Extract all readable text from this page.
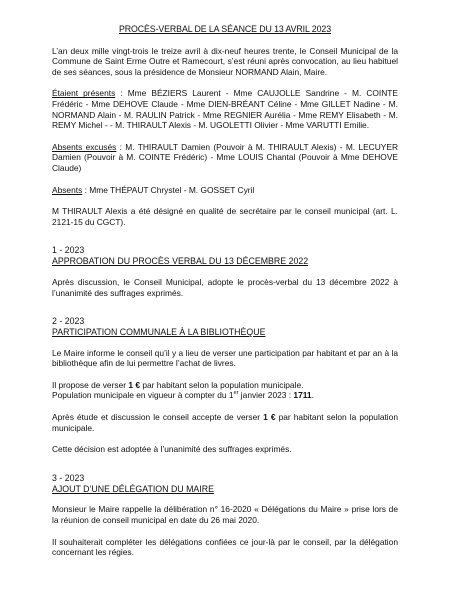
PROCÈS-VERBAL DE LA SÉANCE DU 13 AVRIL 2023

L’an deux mille vingt-trois le treize avril à dix-neuf heures trente, le Conseil Municipal de la Commune de Saint Erme Outre et Ramecourt, s’est réuni après convocation, au lieu habituel de ses séances, sous la présidence de Monsieur NORMAND Alain, Maire.

Étaient présents : Mme BÉZIERS Laurent - Mme CAUJOLLE Sandrine - M. COINTE Frédéric - Mme DEHOVE Claude - Mme DIEN-BRÉANT Céline - Mme GILLET Nadine - M. NORMAND Alain - M. RAULIN Patrick - Mme REGNIER Aurélia - Mme REMY Elisabeth - M. REMY Michel - - M. THIRAULT Alexis - M. UGOLETTI Olivier - Mme VARUTTI Emilie.

Absents excusés : M. THIRAULT Damien (Pouvoir à M. THIRAULT Alexis) - M. LECUYER Damien (Pouvoir à M. COINTE Frédéric) - Mme LOUIS Chantal (Pouvoir à Mme DEHOVE Claude)

Absents : Mme THÉPAUT Chrystel - M. GOSSET Cyril

M THIRAULT Alexis a été désigné en qualité de secrétaire par le conseil municipal (art. L. 2121-15 du CGCT).

1 - 2023
APPROBATION DU PROCÈS VERBAL DU 13 DÉCEMBRE 2022

Après discussion, le Conseil Municipal, adopte le procès-verbal du 13 décembre 2022 à l’unanimité des suffrages exprimés.

2 - 2023
PARTICIPATION COMMUNALE À LA BIBLIOTHÈQUE

Le Maire informe le conseil qu’il y a lieu de verser une participation par habitant et par an à la bibliothèque afin de lui permettre l’achat de livres.

Il propose de verser 1 € par habitant selon la population municipale.

Population municipale en vigueur à compter du 1er janvier 2023 : 1711.

Après étude et discussion le conseil accepte de verser 1 € par habitant selon la population municipale.

Cette décision est adoptée à l’unanimité des suffrages exprimés.

3 - 2023
AJOUT D’UNE DÉLÉGATION DU MAIRE

Monsieur le Maire rappelle la délibération n° 16-2020 « Délégations du Maire » prise lors de la réunion de conseil municipal en date du 26 mai 2020.

Il souhaiterait compléter les délégations confiées ce jour-là par le conseil, par la délégation concernant les régies.
